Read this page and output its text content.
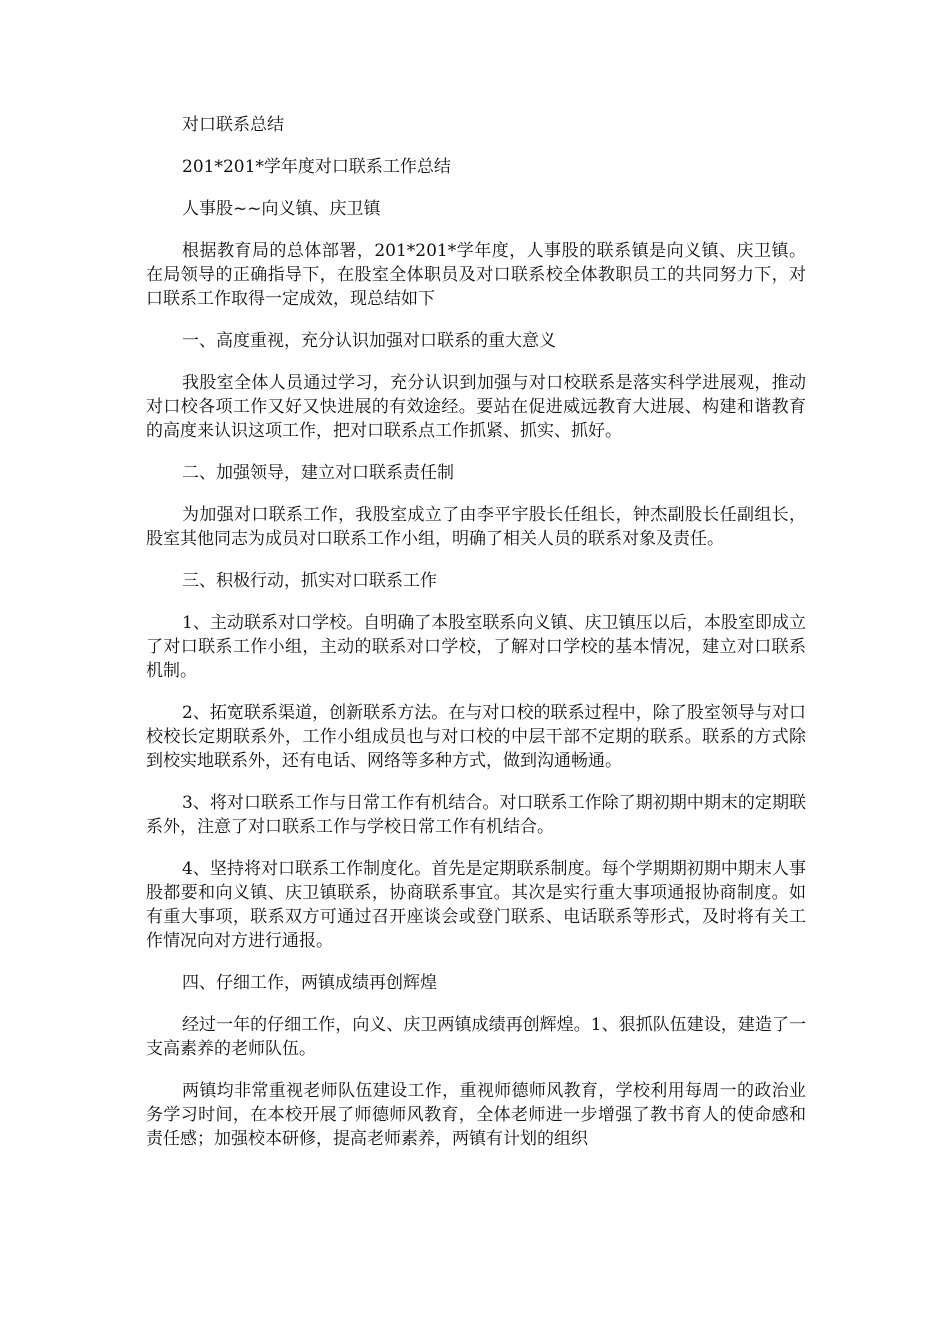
对口联系总结

201*201*学年度对口联系工作总结

人事股~~向义镇、庆卫镇

根据教育局的总体部署，201*201*学年度，人事股的联系镇是向义镇、庆卫镇。在局领导的正确指导下，在股室全体职员及对口联系校全体教职员工的共同努力下，对口联系工作取得一定成效，现总结如下

一、高度重视，充分认识加强对口联系的重大意义

我股室全体人员通过学习，充分认识到加强与对口校联系是落实科学进展观，推动对口校各项工作又好又快进展的有效途经。要站在促进威远教育大进展、构建和谐教育的高度来认识这项工作，把对口联系点工作抓紧、抓实、抓好。

二、加强领导，建立对口联系责任制

为加强对口联系工作，我股室成立了由李平宇股长任组长，钟杰副股长任副组长，股室其他同志为成员对口联系工作小组，明确了相关人员的联系对象及责任。

三、积极行动，抓实对口联系工作

1、主动联系对口学校。自明确了本股室联系向义镇、庆卫镇压以后，本股室即成立了对口联系工作小组，主动的联系对口学校，了解对口学校的基本情况，建立对口联系机制。

2、拓宽联系渠道，创新联系方法。在与对口校的联系过程中，除了股室领导与对口校校长定期联系外，工作小组成员也与对口校的中层干部不定期的联系。联系的方式除到校实地联系外，还有电话、网络等多种方式，做到沟通畅通。

3、将对口联系工作与日常工作有机结合。对口联系工作除了期初期中期末的定期联系外，注意了对口联系工作与学校日常工作有机结合。

4、坚持将对口联系工作制度化。首先是定期联系制度。每个学期期初期中期末人事股都要和向义镇、庆卫镇联系，协商联系事宜。其次是实行重大事项通报协商制度。如有重大事项，联系双方可通过召开座谈会或登门联系、电话联系等形式，及时将有关工作情况向对方进行通报。

四、仔细工作，两镇成绩再创辉煌

经过一年的仔细工作，向义、庆卫两镇成绩再创辉煌。1、狠抓队伍建设，建造了一支高素养的老师队伍。

两镇均非常重视老师队伍建设工作，重视师德师风教育，学校利用每周一的政治业务学习时间，在本校开展了师德师风教育，全体老师进一步增强了教书育人的使命感和责任感；加强校本研修，提高老师素养，两镇有计划的组织
